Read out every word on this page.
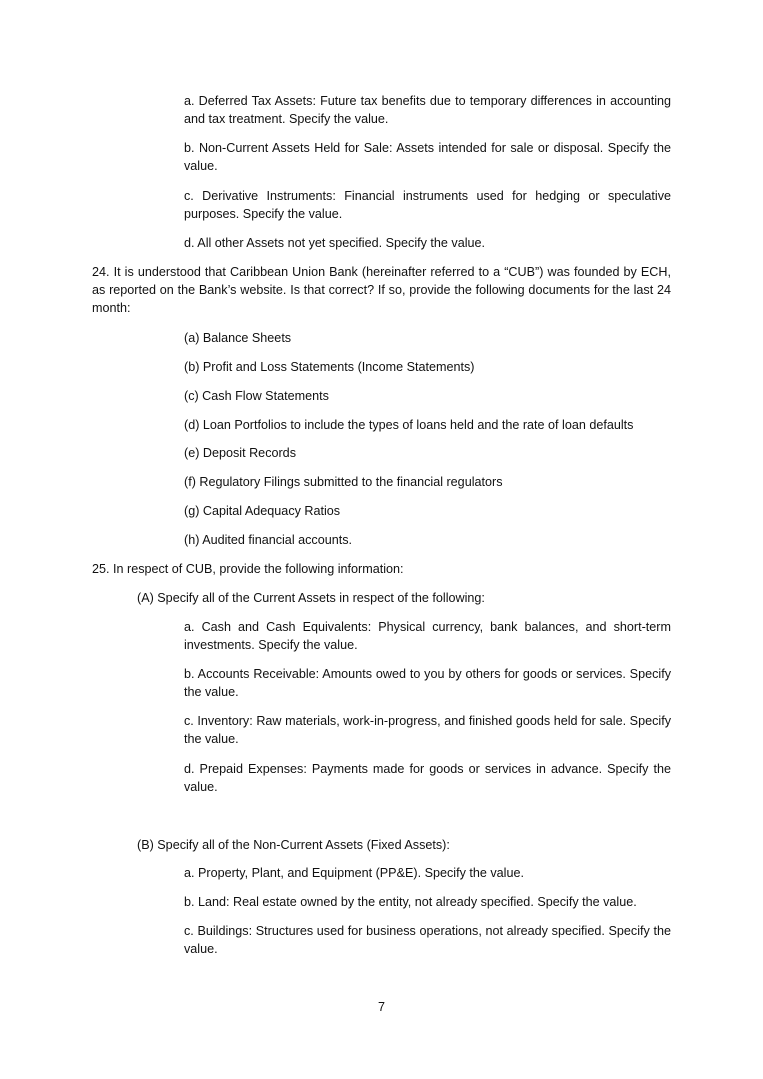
a. Deferred Tax Assets: Future tax benefits due to temporary differences in accounting and tax treatment. Specify the value.

b. Non-Current Assets Held for Sale: Assets intended for sale or disposal. Specify the value.

c. Derivative Instruments: Financial instruments used for hedging or speculative purposes. Specify the value.

d. All other Assets not yet specified. Specify the value.

24. It is understood that Caribbean Union Bank (hereinafter referred to a “CUB”) was founded by ECH, as reported on the Bank’s website. Is that correct? If so, provide the following documents for the last 24 month:

(a) Balance Sheets

(b) Profit and Loss Statements (Income Statements)

(c) Cash Flow Statements

(d) Loan Portfolios to include the types of loans held and the rate of loan defaults

(e) Deposit Records

(f) Regulatory Filings submitted to the financial regulators

(g) Capital Adequacy Ratios

(h) Audited financial accounts.

25. In respect of CUB, provide the following information:

(A) Specify all of the Current Assets in respect of the following:

a. Cash and Cash Equivalents: Physical currency, bank balances, and short-term investments. Specify the value.

b. Accounts Receivable: Amounts owed to you by others for goods or services. Specify the value.

c. Inventory: Raw materials, work-in-progress, and finished goods held for sale. Specify the value.

d. Prepaid Expenses: Payments made for goods or services in advance. Specify the value.

(B) Specify all of the Non-Current Assets (Fixed Assets):

a. Property, Plant, and Equipment (PP&E). Specify the value.

b. Land: Real estate owned by the entity, not already specified. Specify the value.

c. Buildings: Structures used for business operations, not already specified. Specify the value.

7
